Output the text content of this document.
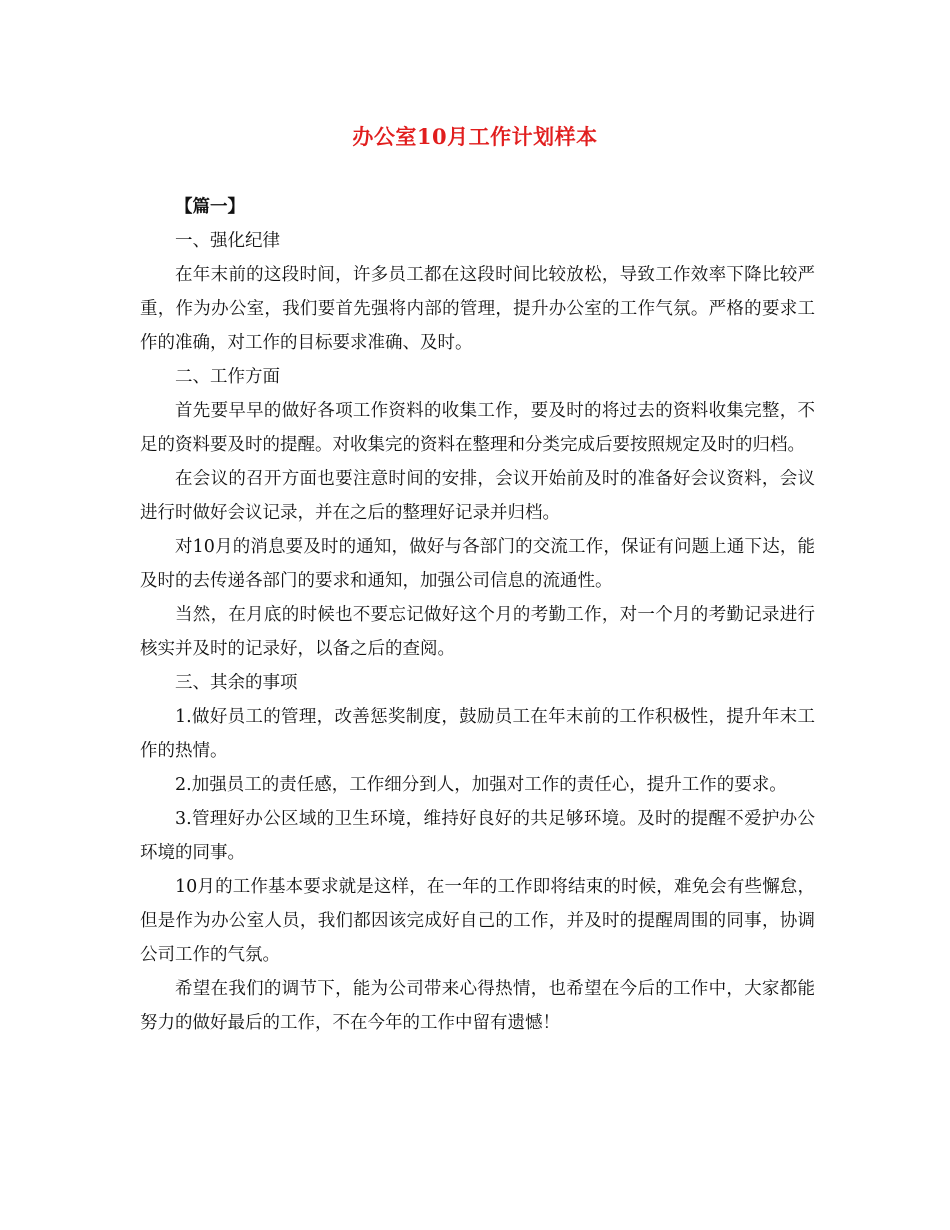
办公室10月工作计划样本

【篇一】

一、强化纪律

在年末前的这段时间，许多员工都在这段时间比较放松，导致工作效率下降比较严重，作为办公室，我们要首先强将内部的管理，提升办公室的工作气氛。严格的要求工作的准确，对工作的目标要求准确、及时。

二、工作方面

首先要早早的做好各项工作资料的收集工作，要及时的将过去的资料收集完整，不足的资料要及时的提醒。对收集完的资料在整理和分类完成后要按照规定及时的归档。

在会议的召开方面也要注意时间的安排，会议开始前及时的准备好会议资料，会议进行时做好会议记录，并在之后的整理好记录并归档。

对10月的消息要及时的通知，做好与各部门的交流工作，保证有问题上通下达，能及时的去传递各部门的要求和通知，加强公司信息的流通性。

当然，在月底的时候也不要忘记做好这个月的考勤工作，对一个月的考勤记录进行核实并及时的记录好，以备之后的查阅。

三、其余的事项

1.做好员工的管理，改善惩奖制度，鼓励员工在年末前的工作积极性，提升年末工作的热情。

2.加强员工的责任感，工作细分到人，加强对工作的责任心，提升工作的要求。

3.管理好办公区域的卫生环境，维持好良好的共足够环境。及时的提醒不爱护办公环境的同事。

10月的工作基本要求就是这样，在一年的工作即将结束的时候，难免会有些懈怠，但是作为办公室人员，我们都因该完成好自己的工作，并及时的提醒周围的同事，协调公司工作的气氛。

希望在我们的调节下，能为公司带来心得热情，也希望在今后的工作中，大家都能努力的做好最后的工作，不在今年的工作中留有遗憾！
